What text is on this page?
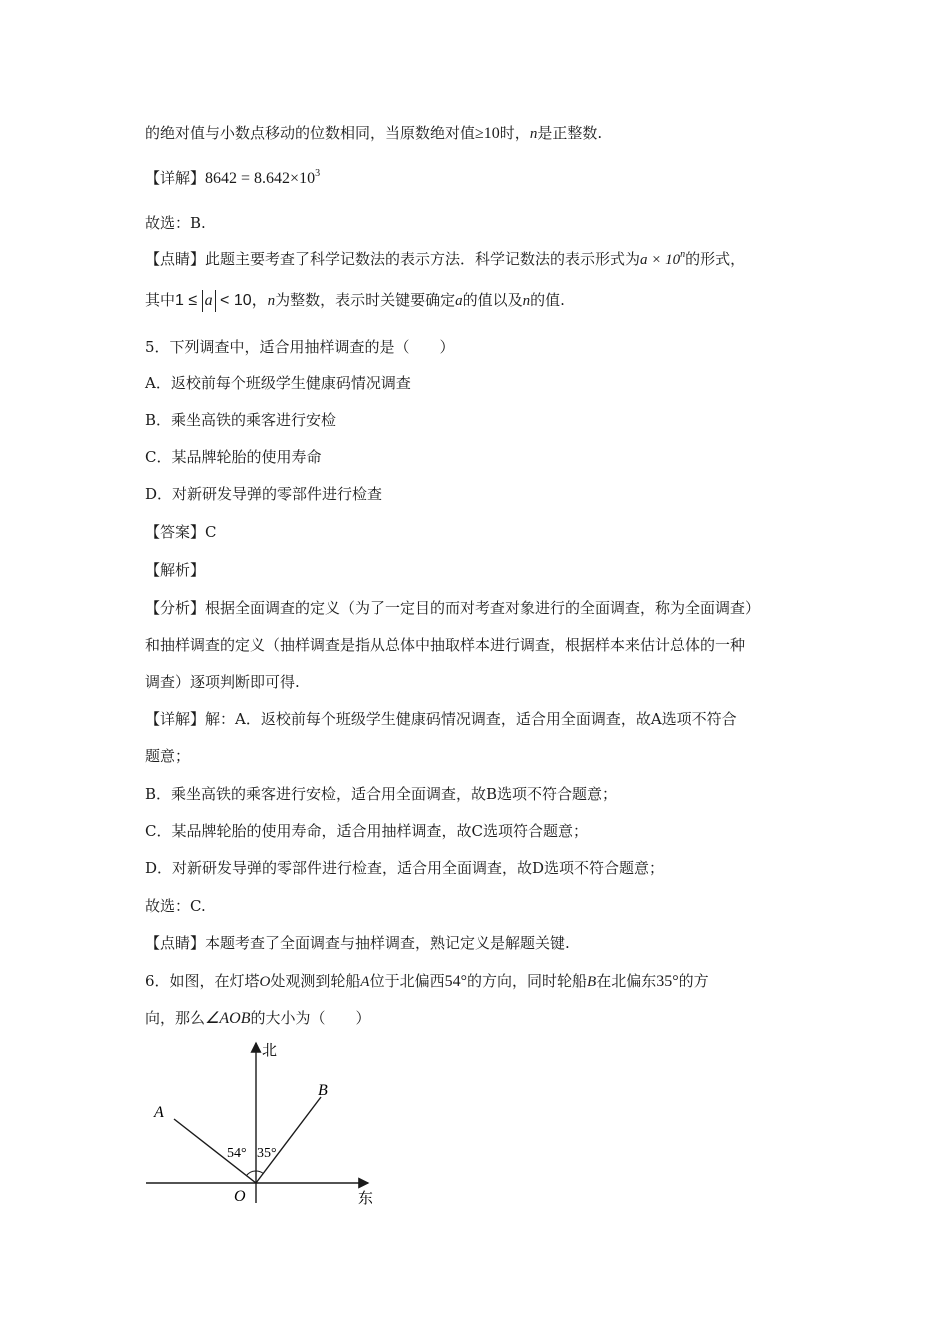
的绝对值与小数点移动的位数相同，当原数绝对值≥10时，n是正整数.
【详解】$8642 = 8.642\times 10^3$
故选：B.
【点睛】此题主要考查了科学记数法的表示方法．科学记数法的表示形式为$a \times 10^n$的形式，
其中1 ≤ a < 10，n为整数，表示时关键要确定a的值以及n的值.
5．下列调查中，适合用抽样调查的是（　　）
A．返校前每个班级学生健康码情况调查
B．乘坐高铁的乘客进行安检
C．某品牌轮胎的使用寿命
D．对新研发导弹的零部件进行检查
【答案】C
【解析】
【分析】根据全面调查的定义（为了一定目的而对考查对象进行的全面调查，称为全面调查）
和抽样调查的定义（抽样调查是指从总体中抽取样本进行调查，根据样本来估计总体的一种
调查）逐项判断即可得.
【详解】解：A．返校前每个班级学生健康码情况调查，适合用全面调查，故A选项不符合
题意；
B．乘坐高铁的乘客进行安检，适合用全面调查，故B选项不符合题意；
C．某品牌轮胎的使用寿命，适合用抽样调查，故C选项符合题意；
D．对新研发导弹的零部件进行检查，适合用全面调查，故D选项不符合题意；
故选：C.
【点睛】本题考查了全面调查与抽样调查，熟记定义是解题关键.
6．如图，在灯塔O处观测到轮船A位于北偏西54°的方向，同时轮船B在北偏东35°的方
向，那么∠AOB的大小为（　　）
北
东
A
B
O
54° 35°
